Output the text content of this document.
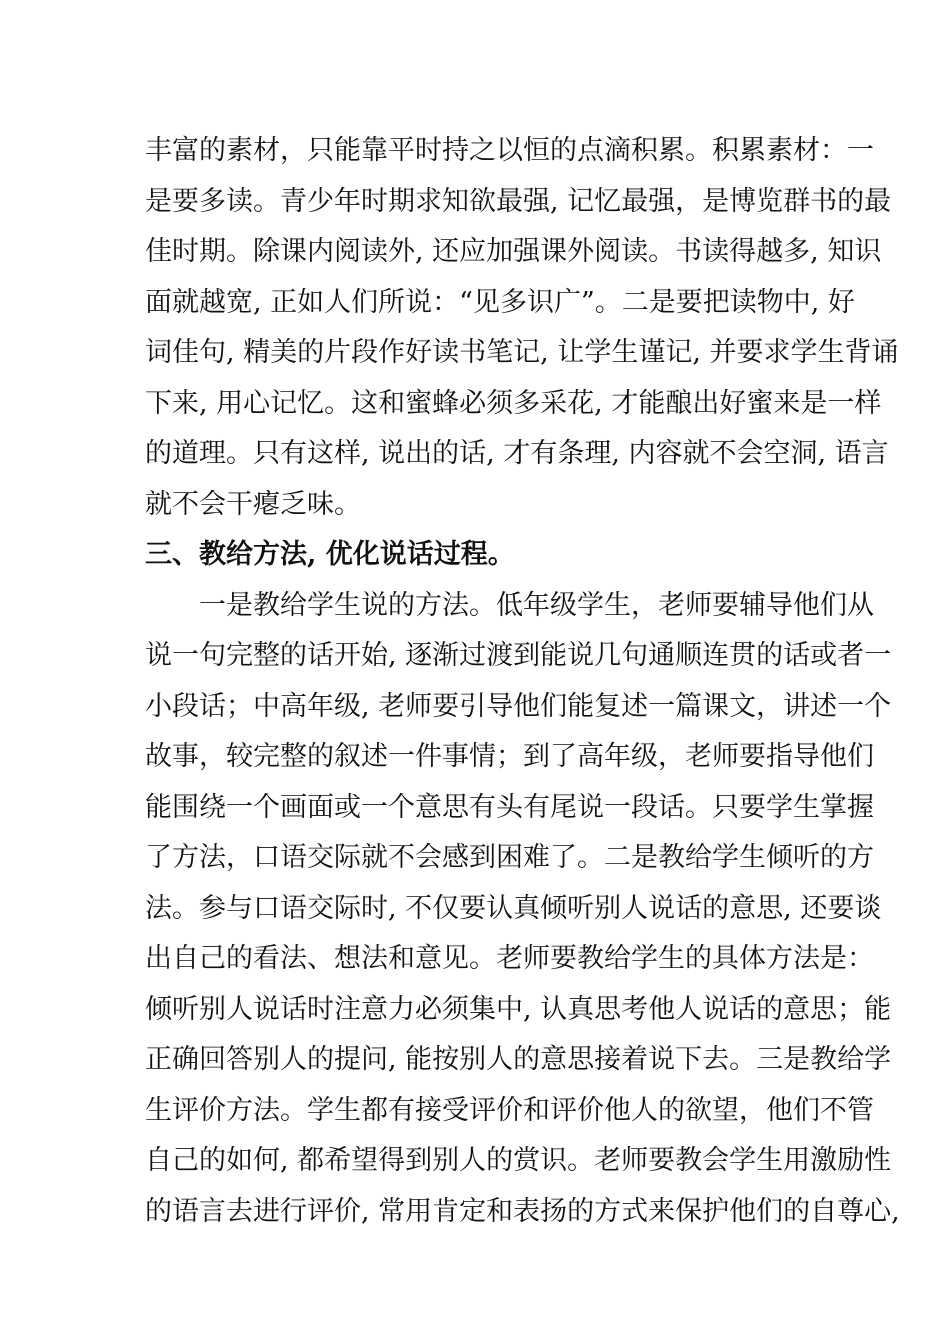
丰富的素材，只能靠平时持之以恒的点滴积累。积累素材：一
是要多读。青少年时期求知欲最强, 记忆最强，是博览群书的最
佳时期。除课内阅读外, 还应加强课外阅读。书读得越多, 知识
面就越宽, 正如人们所说：“见多识广”。二是要把读物中, 好
词佳句, 精美的片段作好读书笔记, 让学生谨记, 并要求学生背诵
下来, 用心记忆。这和蜜蜂必须多采花, 才能酿出好蜜来是一样
的道理。只有这样, 说出的话, 才有条理, 内容就不会空洞, 语言
就不会干瘪乏味。
三、教给方法, 优化说话过程。
一是教给学生说的方法。低年级学生，老师要辅导他们从
说一句完整的话开始, 逐渐过渡到能说几句通顺连贯的话或者一
小段话；中高年级, 老师要引导他们能复述一篇课文，讲述一个
故事，较完整的叙述一件事情；到了高年级，老师要指导他们
能围绕一个画面或一个意思有头有尾说一段话。只要学生掌握
了方法，口语交际就不会感到困难了。二是教给学生倾听的方
法。参与口语交际时, 不仅要认真倾听别人说话的意思, 还要谈
出自己的看法、想法和意见。老师要教给学生的具体方法是：
倾听别人说话时注意力必须集中, 认真思考他人说话的意思；能
正确回答别人的提问, 能按别人的意思接着说下去。三是教给学
生评价方法。学生都有接受评价和评价他人的欲望，他们不管
自己的如何, 都希望得到别人的赏识。老师要教会学生用激励性
的语言去进行评价, 常用肯定和表扬的方式来保护他们的自尊心,
